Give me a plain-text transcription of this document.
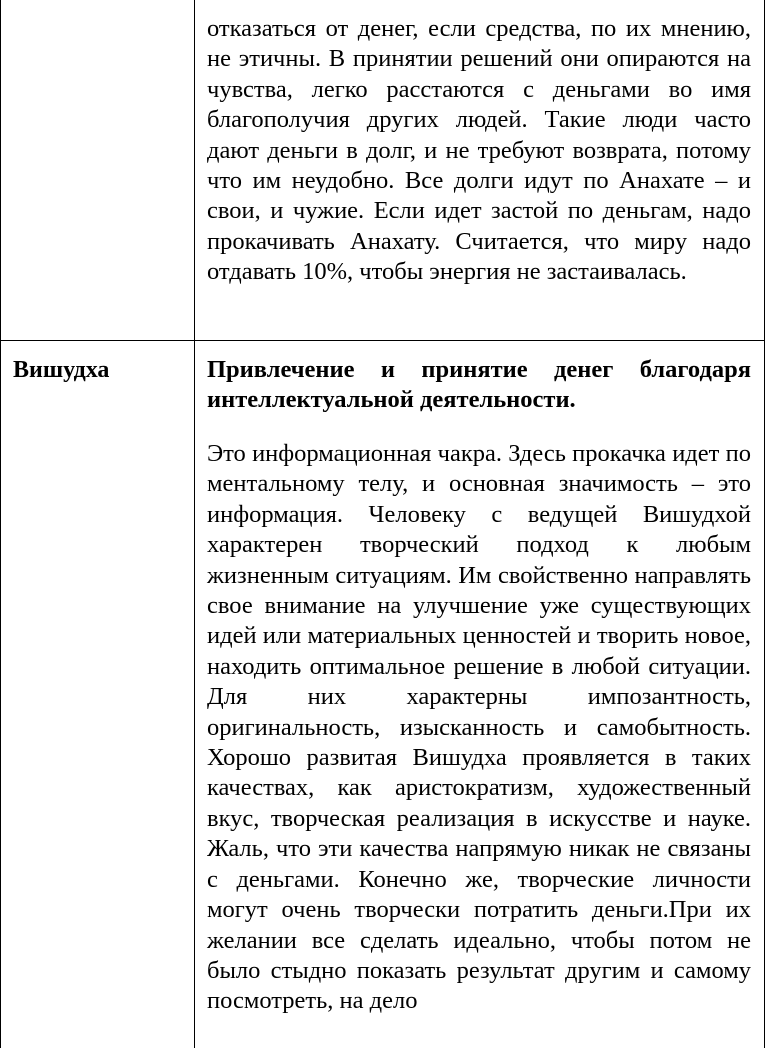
отказаться от денег, если средства, по их мнению, не этичны. В принятии решений они опираются на чувства, легко расстаются с деньгами во имя благополучия других людей. Такие люди часто дают деньги в долг, и не требуют возврата, потому что им неудобно. Все долги идут по Анахате – и свои, и чужие. Если идет застой по деньгам, надо прокачивать Анахату. Считается, что миру надо отдавать 10%, чтобы энергия не застаивалась.

Вишудха	Привлечение и принятие денег благодаря интеллектуальной деятельности.

Это информационная чакра. Здесь прокачка идет по ментальному телу, и основная значимость – это информация. Человеку с ведущей Вишудхой характерен творческий подход к любым жизненным ситуациям. Им свойственно направлять свое внимание на улучшение уже существующих идей или материальных ценностей и творить новое, находить оптимальное решение в любой ситуации. Для них характерны импозантность, оригинальность, изысканность и самобытность. Хорошо развитая Вишудха проявляется в таких качествах, как аристократизм, художественный вкус, творческая реализация в искусстве и науке. Жаль, что эти качества напрямую никак не связаны с деньгами. Конечно же, творческие личности могут очень творчески потратить деньги.При их желании все сделать идеально, чтобы потом не было стыдно показать результат другим и самому посмотреть, на дело
